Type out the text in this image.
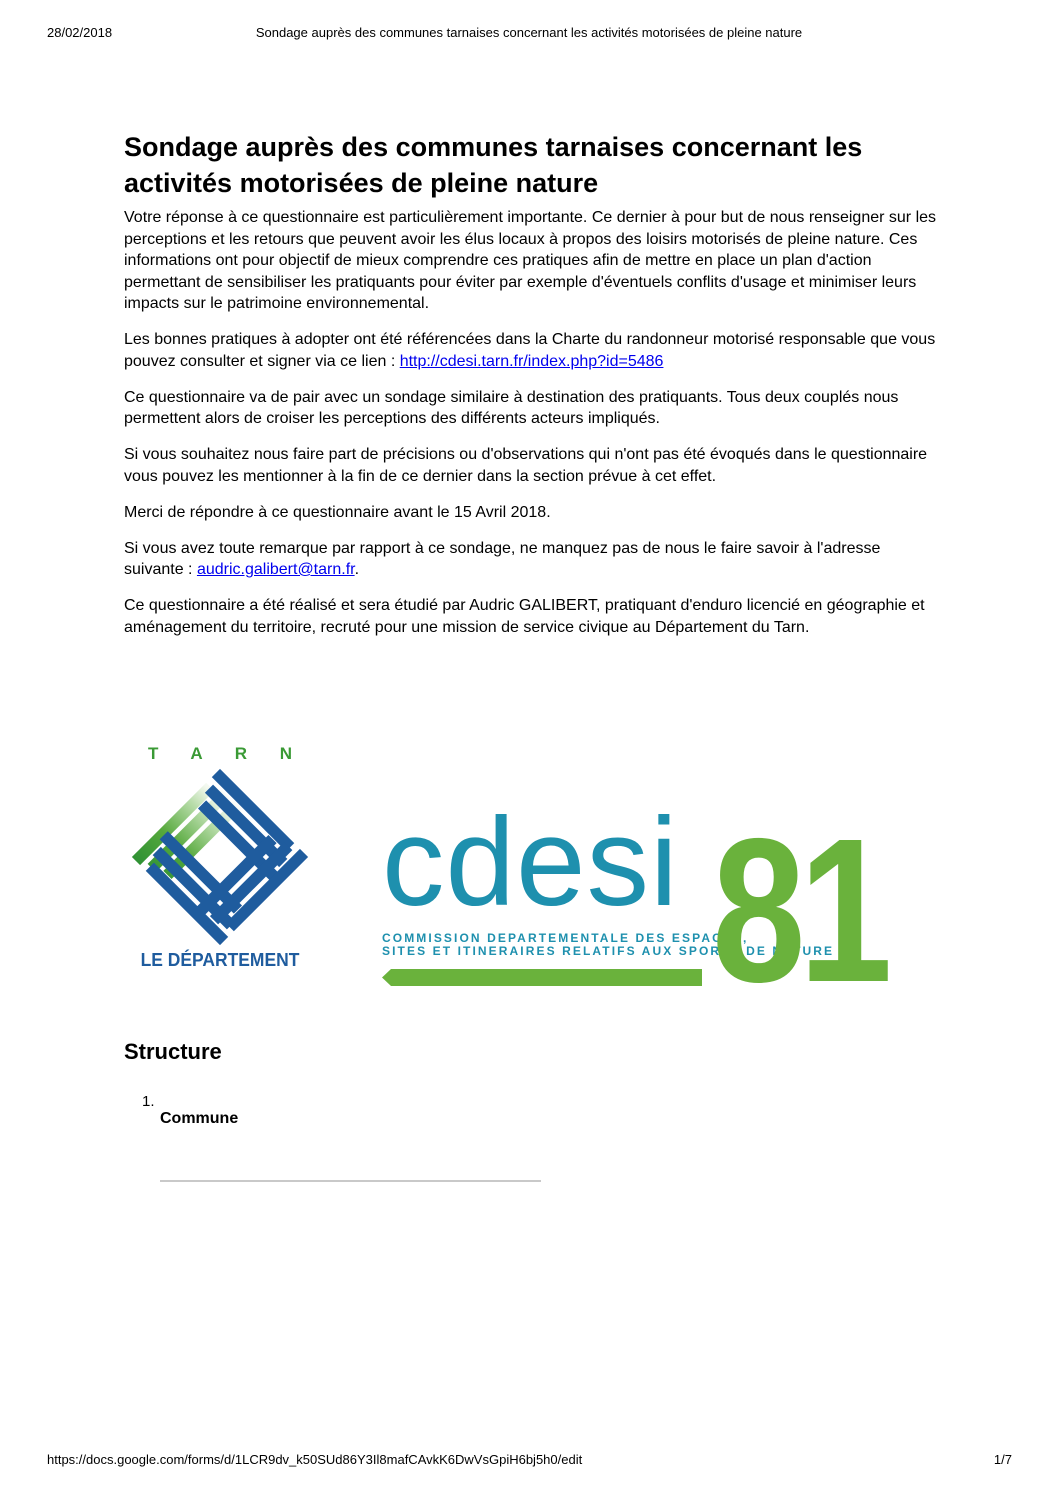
28/02/2018	Sondage auprès des communes tarnaises concernant les activités motorisées de pleine nature
Sondage auprès des communes tarnaises concernant les activités motorisées de pleine nature

Votre réponse à ce questionnaire est particulièrement importante. Ce dernier à pour but de nous renseigner sur les perceptions et les retours que peuvent avoir les élus locaux à propos des loisirs motorisés de pleine nature. Ces informations ont pour objectif de mieux comprendre ces pratiques afin de mettre en place un plan d'action permettant de sensibiliser les pratiquants pour éviter par exemple d'éventuels conflits d'usage et minimiser leurs impacts sur le patrimoine environnemental.

Les bonnes pratiques à adopter ont été référencées dans la Charte du randonneur motorisé responsable que vous pouvez consulter et signer via ce lien : http://cdesi.tarn.fr/index.php?id=5486

Ce questionnaire va de pair avec un sondage similaire à destination des pratiquants. Tous deux couplés nous permettent alors de croiser les perceptions des différents acteurs impliqués.

Si vous souhaitez nous faire part de précisions ou d'observations qui n'ont pas été évoqués dans le questionnaire vous pouvez les mentionner à la fin de ce dernier dans la section prévue à cet effet.

Merci de répondre à ce questionnaire avant le 15 Avril 2018.

Si vous avez toute remarque par rapport à ce sondage, ne manquez pas de nous le faire savoir à l'adresse suivante : audric.galibert@tarn.fr.

Ce questionnaire a été réalisé et sera étudié par Audric GALIBERT, pratiquant d'enduro licencié en géographie et aménagement du territoire, recruté pour une mission de service civique au Département du Tarn.

T A R N
LE DÉPARTEMENT
cdesi
COMMISSION DEPARTEMENTALE DES ESPACES,
SITES ET ITINERAIRES RELATIFS AUX SPORTS DE NATURE
81
Structure
1.
Commune
https://docs.google.com/forms/d/1LCR9dv_k50SUd86Y3Il8mafCAvkK6DwVsGpiH6bj5h0/edit	1/7
